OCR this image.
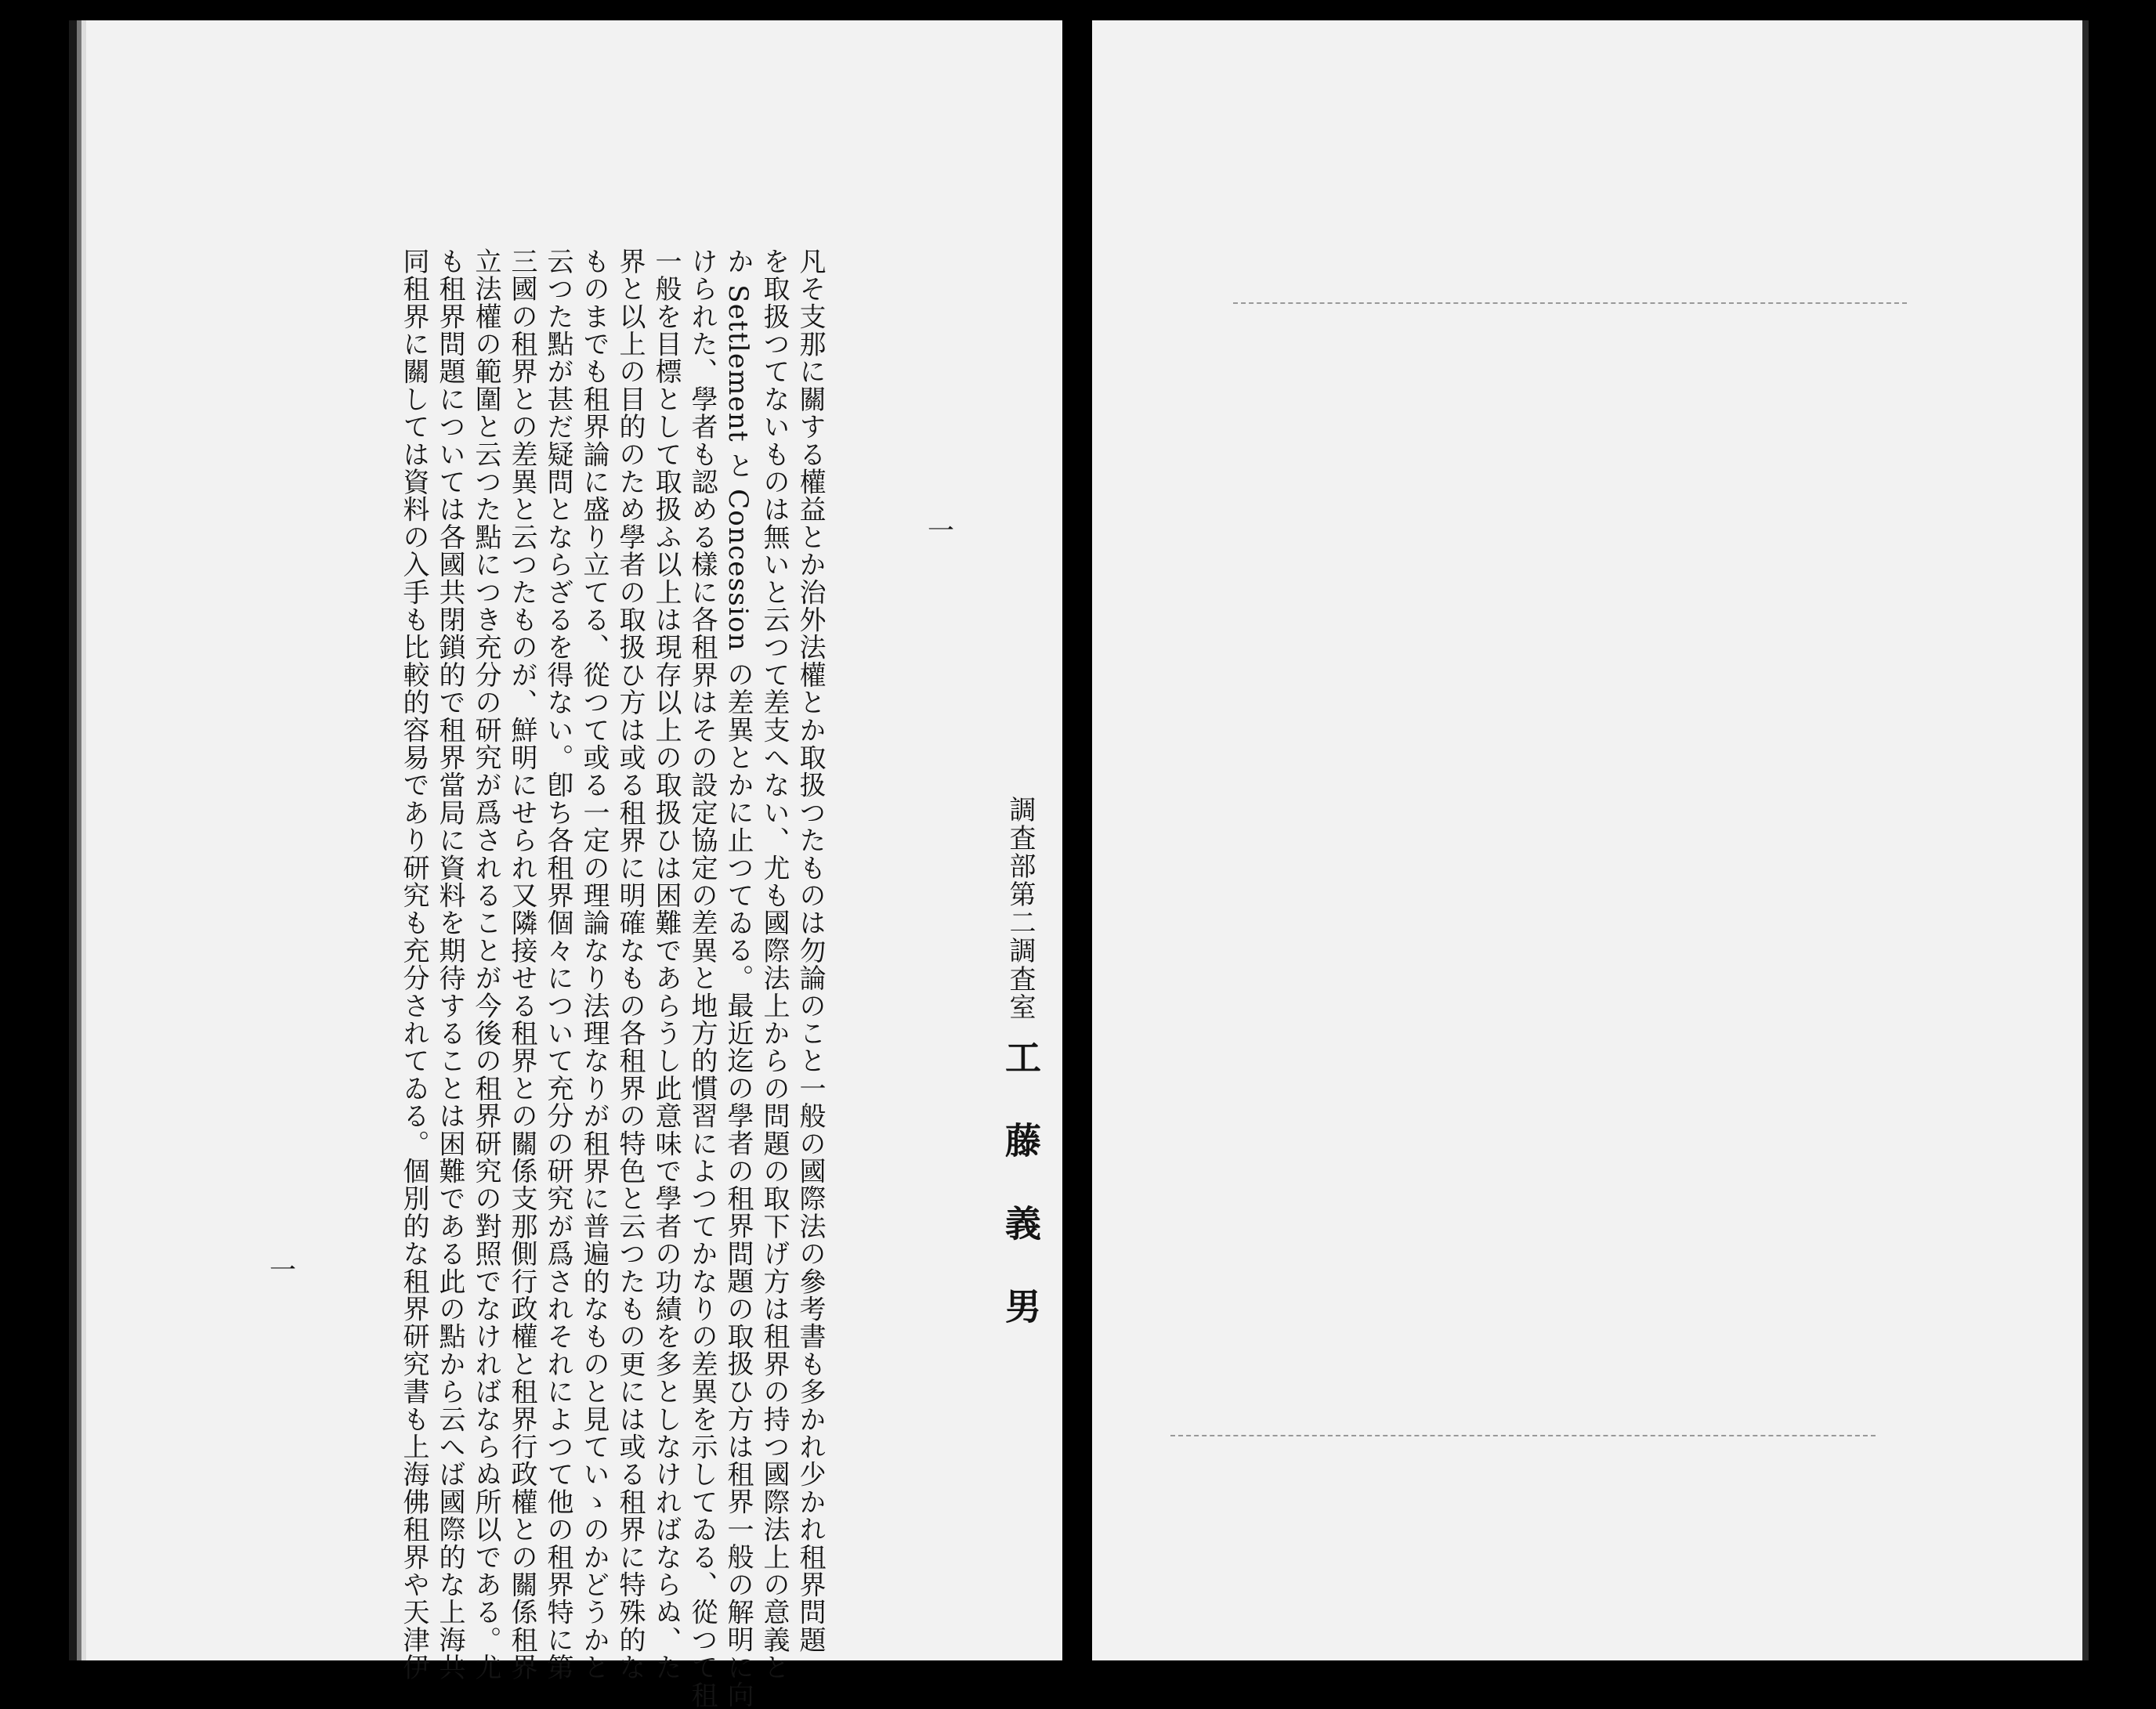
調査部第二調査室
工藤義男
一
一	凡そ支那に關する權益とか治外法權とか取扱つたものは勿論のこと一般の國際法の參考書も多かれ少かれ租界問題
を取扱つてないものは無いと云つて差支へない、尤も國際法上からの問題の取下げ方は租界の持つ國際法上の意義と
か Settlement と Concession の差異とかに止つてゐる。最近迄の學者の租界問題の取扱ひ方は租界一般の解明に向
けられた、學者も認める樣に各租界はその設定協定の差異と地方的慣習によつてかなりの差異を示してゐる、從つて租
一般を目標として取扱ふ以上は現存以上の取扱ひは困難であらうし此意味で學者の功績を多としなければならぬ、た
界と以上の目的のため學者の取扱ひ方は或る租界に明確なもの各租界の特色と云つたもの更には或る租界に特殊的な
ものまでも租界論に盛り立てる、從つて或る一定の理論なり法理なりが租界に普遍的なものと見ていゝのかどうかと
云つた點が甚だ疑問とならざるを得ない。卽ち各租界個々について充分の研究が爲されそれによつて他の租界特に第
三國の租界との差異と云つたものが、鮮明にせられ又隣接せる租界との關係支那側行政權と租界行政權との關係租界
立法權の範圍と云つた點につき充分の研究が爲されることが今後の租界研究の對照でなければならぬ所以である。尤
も租界問題については各國共閉鎖的で租界當局に資料を期待することは困難である此の點から云へば國際的な上海共
同租界に關しては資料の入手も比較的容易であり研究も充分されてゐる。個別的な租界研究書も上海佛租界や天津伊
